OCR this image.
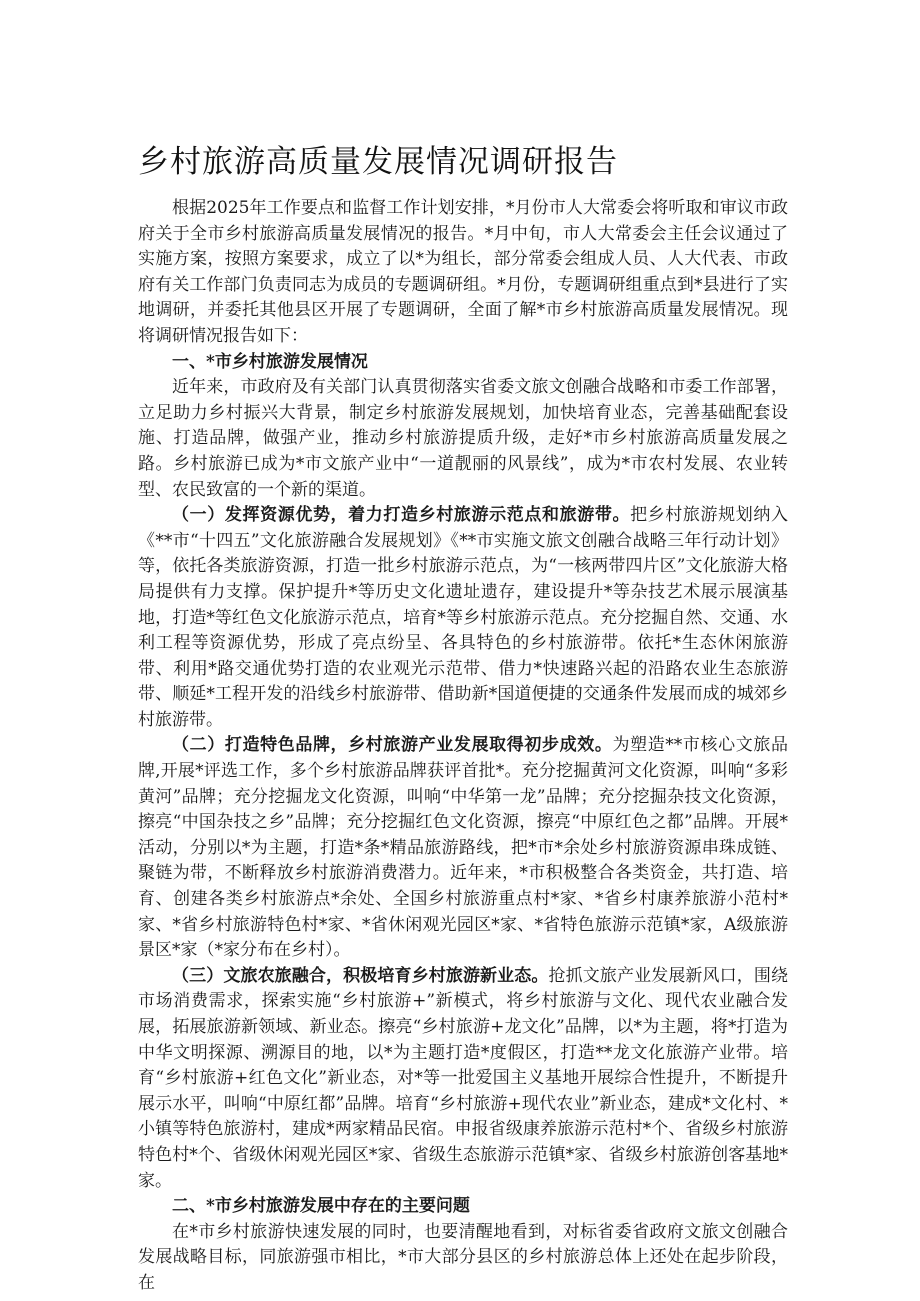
乡村旅游高质量发展情况调研报告

根据2025年工作要点和监督工作计划安排，*月份市人大常委会将听取和审议市政府关于全市乡村旅游高质量发展情况的报告。*月中旬，市人大常委会主任会议通过了实施方案，按照方案要求，成立了以*为组长，部分常委会组成人员、人大代表、市政府有关工作部门负责同志为成员的专题调研组。*月份，专题调研组重点到*县进行了实地调研，并委托其他县区开展了专题调研，全面了解*市乡村旅游高质量发展情况。现将调研情况报告如下：

一、*市乡村旅游发展情况

近年来，市政府及有关部门认真贯彻落实省委文旅文创融合战略和市委工作部署，立足助力乡村振兴大背景，制定乡村旅游发展规划，加快培育业态，完善基础配套设施、打造品牌，做强产业，推动乡村旅游提质升级，走好*市乡村旅游高质量发展之路。乡村旅游已成为*市文旅产业中“一道靓丽的风景线”，成为*市农村发展、农业转型、农民致富的一个新的渠道。

（一）发挥资源优势，着力打造乡村旅游示范点和旅游带。把乡村旅游规划纳入《**市“十四五”文化旅游融合发展规划》《**市实施文旅文创融合战略三年行动计划》等，依托各类旅游资源，打造一批乡村旅游示范点，为“一核两带四片区”文化旅游大格局提供有力支撑。保护提升*等历史文化遗址遗存，建设提升*等杂技艺术展示展演基地，打造*等红色文化旅游示范点，培育*等乡村旅游示范点。充分挖掘自然、交通、水利工程等资源优势，形成了亮点纷呈、各具特色的乡村旅游带。依托*生态休闲旅游带、利用*路交通优势打造的农业观光示范带、借力*快速路兴起的沿路农业生态旅游带、顺延*工程开发的沿线乡村旅游带、借助新*国道便捷的交通条件发展而成的城郊乡村旅游带。

（二）打造特色品牌，乡村旅游产业发展取得初步成效。为塑造**市核心文旅品牌,开展*评选工作，多个乡村旅游品牌获评首批*。充分挖掘黄河文化资源，叫响“多彩黄河”品牌；充分挖掘龙文化资源，叫响“中华第一龙”品牌；充分挖掘杂技文化资源，擦亮“中国杂技之乡”品牌；充分挖掘红色文化资源，擦亮“中原红色之都”品牌。开展*活动，分别以*为主题，打造*条*精品旅游路线，把*市*余处乡村旅游资源串珠成链、聚链为带，不断释放乡村旅游消费潜力。近年来，*市积极整合各类资金，共打造、培育、创建各类乡村旅游点*余处、全国乡村旅游重点村*家、*省乡村康养旅游小范村*家、*省乡村旅游特色村*家、*省休闲观光园区*家、*省特色旅游示范镇*家，A级旅游景区*家（*家分布在乡村）。

（三）文旅农旅融合，积极培育乡村旅游新业态。抢抓文旅产业发展新风口，围绕市场消费需求，探索实施“乡村旅游+”新模式，将乡村旅游与文化、现代农业融合发展，拓展旅游新领域、新业态。擦亮“乡村旅游+龙文化”品牌，以*为主题，将*打造为中华文明探源、溯源目的地，以*为主题打造*度假区，打造**龙文化旅游产业带。培育“乡村旅游+红色文化”新业态，对*等一批爱国主义基地开展综合性提升，不断提升展示水平，叫响“中原红都”品牌。培育“乡村旅游+现代农业”新业态，建成*文化村、*小镇等特色旅游村，建成*两家精品民宿。申报省级康养旅游示范村*个、省级乡村旅游特色村*个、省级休闲观光园区*家、省级生态旅游示范镇*家、省级乡村旅游创客基地*家。

二、*市乡村旅游发展中存在的主要问题

在*市乡村旅游快速发展的同时，也要清醒地看到，对标省委省政府文旅文创融合发展战略目标，同旅游强市相比，*市大部分县区的乡村旅游总体上还处在起步阶段，在
